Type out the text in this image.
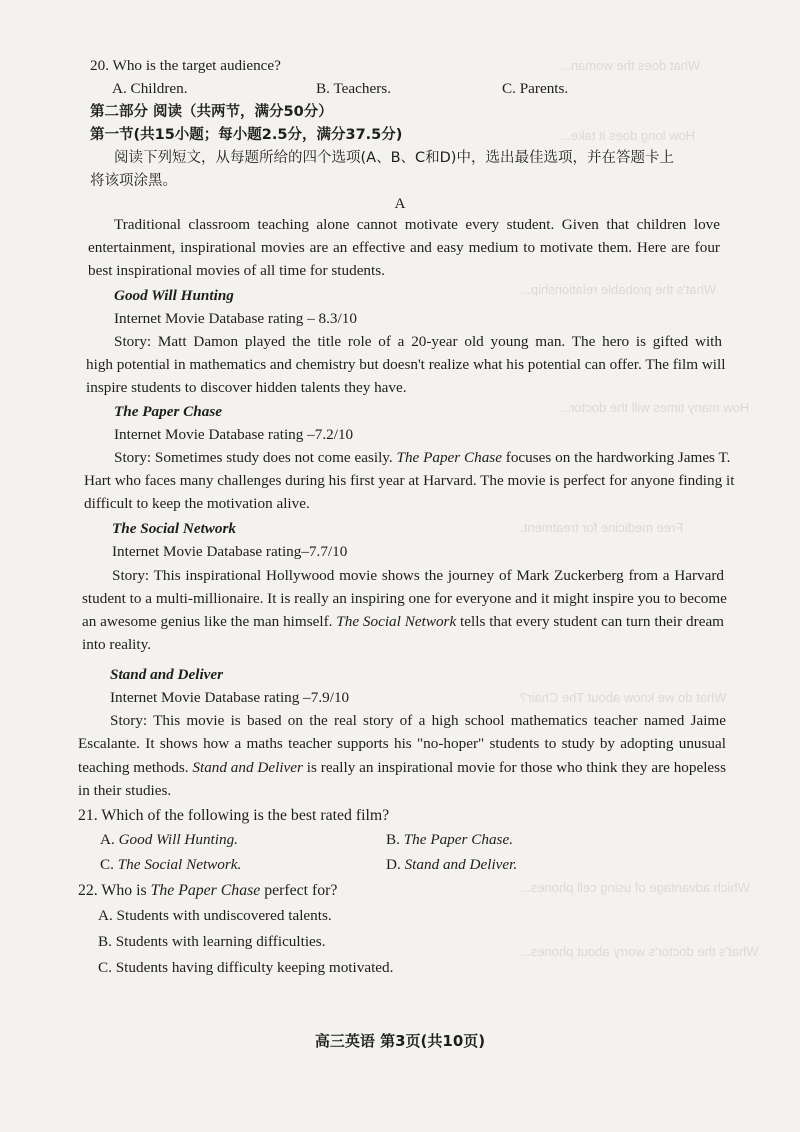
What does the woman...
How long does it take...
What's the probable relationship...
How many times will the doctor...
Free medicine for treatment.
What do we know about The Chair?
Which advantage of using cell phones...
What's the doctor's worry about phones...
20. Who is the target audience?
A. Children.	B. Teachers.	C. Parents.
第二部分 阅读（共两节，满分50分）
第一节(共15小题；每小题2.5分，满分37.5分)
阅读下列短文，从每题所给的四个选项(A、B、C和D)中，选出最佳选项，并在答题卡上
将该项涂黑。
A
Traditional classroom teaching alone cannot motivate every student. Given that children love
entertainment, inspirational movies are an effective and easy medium to motivate them. Here are four
best inspirational movies of all time for students.
Good Will Hunting
Internet Movie Database rating – 8.3/10
Story: Matt Damon played the title role of a 20-year old young man. The hero is gifted with
high potential in mathematics and chemistry but doesn't realize what his potential can offer. The film will
inspire students to discover hidden talents they have.
The Paper Chase
Internet Movie Database rating –7.2/10
Story: Sometimes study does not come easily. The Paper Chase focuses on the hardworking James T.
Hart who faces many challenges during his first year at Harvard. The movie is perfect for anyone finding it
difficult to keep the motivation alive.
The Social Network
Internet Movie Database rating–7.7/10
Story: This inspirational Hollywood movie shows the journey of Mark Zuckerberg from a Harvard
student to a multi-millionaire. It is really an inspiring one for everyone and it might inspire you to become
an awesome genius like the man himself. The Social Network tells that every student can turn their dream
into reality.
Stand and Deliver
Internet Movie Database rating –7.9/10
Story: This movie is based on the real story of a high school mathematics teacher named Jaime
Escalante. It shows how a maths teacher supports his "no-hoper" students to study by adopting unusual
teaching methods. Stand and Deliver is really an inspirational movie for those who think they are hopeless
in their studies.
21. Which of the following is the best rated film?
A. Good Will Hunting.	B. The Paper Chase.
C. The Social Network.	D. Stand and Deliver.
22. Who is The Paper Chase perfect for?
A. Students with undiscovered talents.
B. Students with learning difficulties.
C. Students having difficulty keeping motivated.
高三英语 第3页(共10页)
